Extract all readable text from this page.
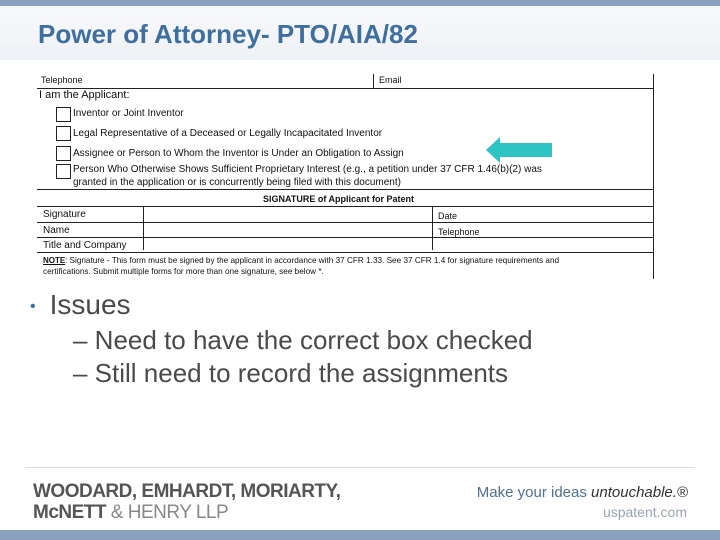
Power of Attorney- PTO/AIA/82
Telephone	Email
I am the Applicant:
Inventor or Joint Inventor
Legal Representative of a Deceased or Legally Incapacitated Inventor
Assignee or Person to Whom the Inventor is Under an Obligation to Assign
Person Who Otherwise Shows Sufficient Proprietary Interest (e.g., a petition under 37 CFR 1.46(b)(2) was
granted in the application or is concurrently being filed with this document)
SIGNATURE of Applicant for Patent
Signature	Date
Name	Telephone
Title and Company
NOTE : Signature - This form must be signed by the applicant in accordance with 37 CFR 1.33. See 37 CFR 1.4 for signature requirements and
certifications. Submit multiple forms for more than one signature, see below *.
• Issues
– Need to have the correct box checked
– Still need to record the assignments
WOODARD, EMHARDT, MORIARTY,
McNETT & HENRY LLP
Make your ideas untouchable.®
uspatent.com
